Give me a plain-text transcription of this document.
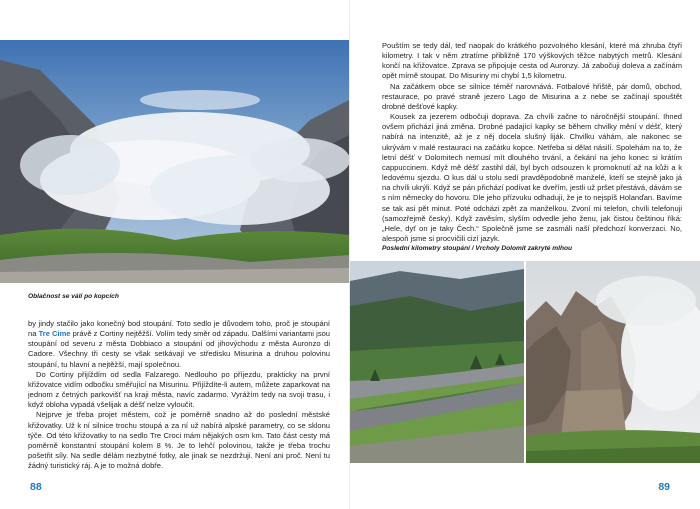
Oblačnost se válí po kopcích

by jindy stačilo jako konečný bod stoupání. Toto sedlo je důvodem toho, proč je stoupání na Tre Cime právě z Cortiny nejtěžší. Volím tedy směr od západu. Dalšími variantami jsou stoupání od severu z města Dobbiaco a stoupání od jihovýchodu z města Auronzo di Cadore. Všechny tři cesty se však setkávají ve středisku Misurina a druhou polovinu stoupání, tu hlavní a nejtěžší, mají společnou.

Do Cortiny přijíždím od sedla Falzarego. Nedlouho po příjezdu, prakticky na první křižovatce vidím odbočku směřující na Misurinu. Přijíždíte-li autem, můžete zaparkovat na jednom z četných parkovišť na kraji města, navíc zadarmo. Vyrážím tedy na svoji trasu, i když obloha vypadá všelijak a déšť nelze vyloučit.

Nejprve je třeba projet městem, což je poměrně snadno až do poslední městské křižovatky. Už k ní silnice trochu stoupá a za ní už nabírá alpské parametry, co se sklonu týče. Od této křižovatky to na sedlo Tre Croci mám nějakých osm km. Tato část cesty má poměrně konstantní stoupání kolem 8 %. Je to lehčí polovinou, takže je třeba trochu pošetřit síly. Na sedle délám nezbytné fotky, ale jinak se nezdržuji. Není ani proč. Není tu žádný turistický ráj. A je to možná dobře.

88

Pouštím se tedy dál, teď naopak do krátkého pozvolného klesání, které má zhruba čtyři kilometry. I tak v něm ztratíme přibližně 170 výškových těžce nabytých metrů. Klesání končí na křižovatce. Zprava se připojuje cesta od Auronzy. Já zabočuji doleva a začínám opět mírně stoupat. Do Misuriny mi chybí 1,5 kilometru.

Na začátkem obce se silnice téměř narovnává. Fotbalové hřiště, pár domů, obchod, restaurace, po pravé straně jezero Lago de Misurina a z nebe se začínají spouštět drobné dešťové kapky.

Kousek za jezerem odbočuji doprava. Za chvíli začne to náročnější stoupání. Ihned ovšem přichází jiná změna. Drobné padající kapky se během chvilky mění v déšť, který nabírá na intenzitě, až je z něj docela slušný liják. Chvilku váhám, ale nakonec se ukrývám v malé restauraci na začátku kopce. Netřeba si dělat násilí. Spolehám na to, že letní déšť v Dolomitech nemusí mít dlouhého trvání, a čekání na jeho konec si krátím cappuccinem. Když mě déšť zastihl dál, byl bych odsouzen k promoknutí až na kůži a k ledovému sjezdu. O kus dál u stolu sedí pravděpodobně manželé, kteří se stejně jako já na chvíli ukrýli. Když se pán přichází podívat ke dveřím, jestli už pršet přestává, dávám se s ním německy do hovoru. Dle jeho přízvuku odhaduji, že je to nejspíš Holanďan. Bavíme se tak asi pět minut. Poté odcházi zpět za manželkou. Zvoní mi telefon, chvíli telefonuji (samozřejmě česky). Když zavěsím, slyším odvedle jeho ženu, jak čistou češtinou říká: „Hele, dyť on je taky Čech.“ Společně jsme se zasmáli naší předchozí konverzaci. No, alespoň jsme si procvičili cizí jazyk.

Poslední kilometry stoupání / Vrcholy Dolomit zakryté mlhou
89
